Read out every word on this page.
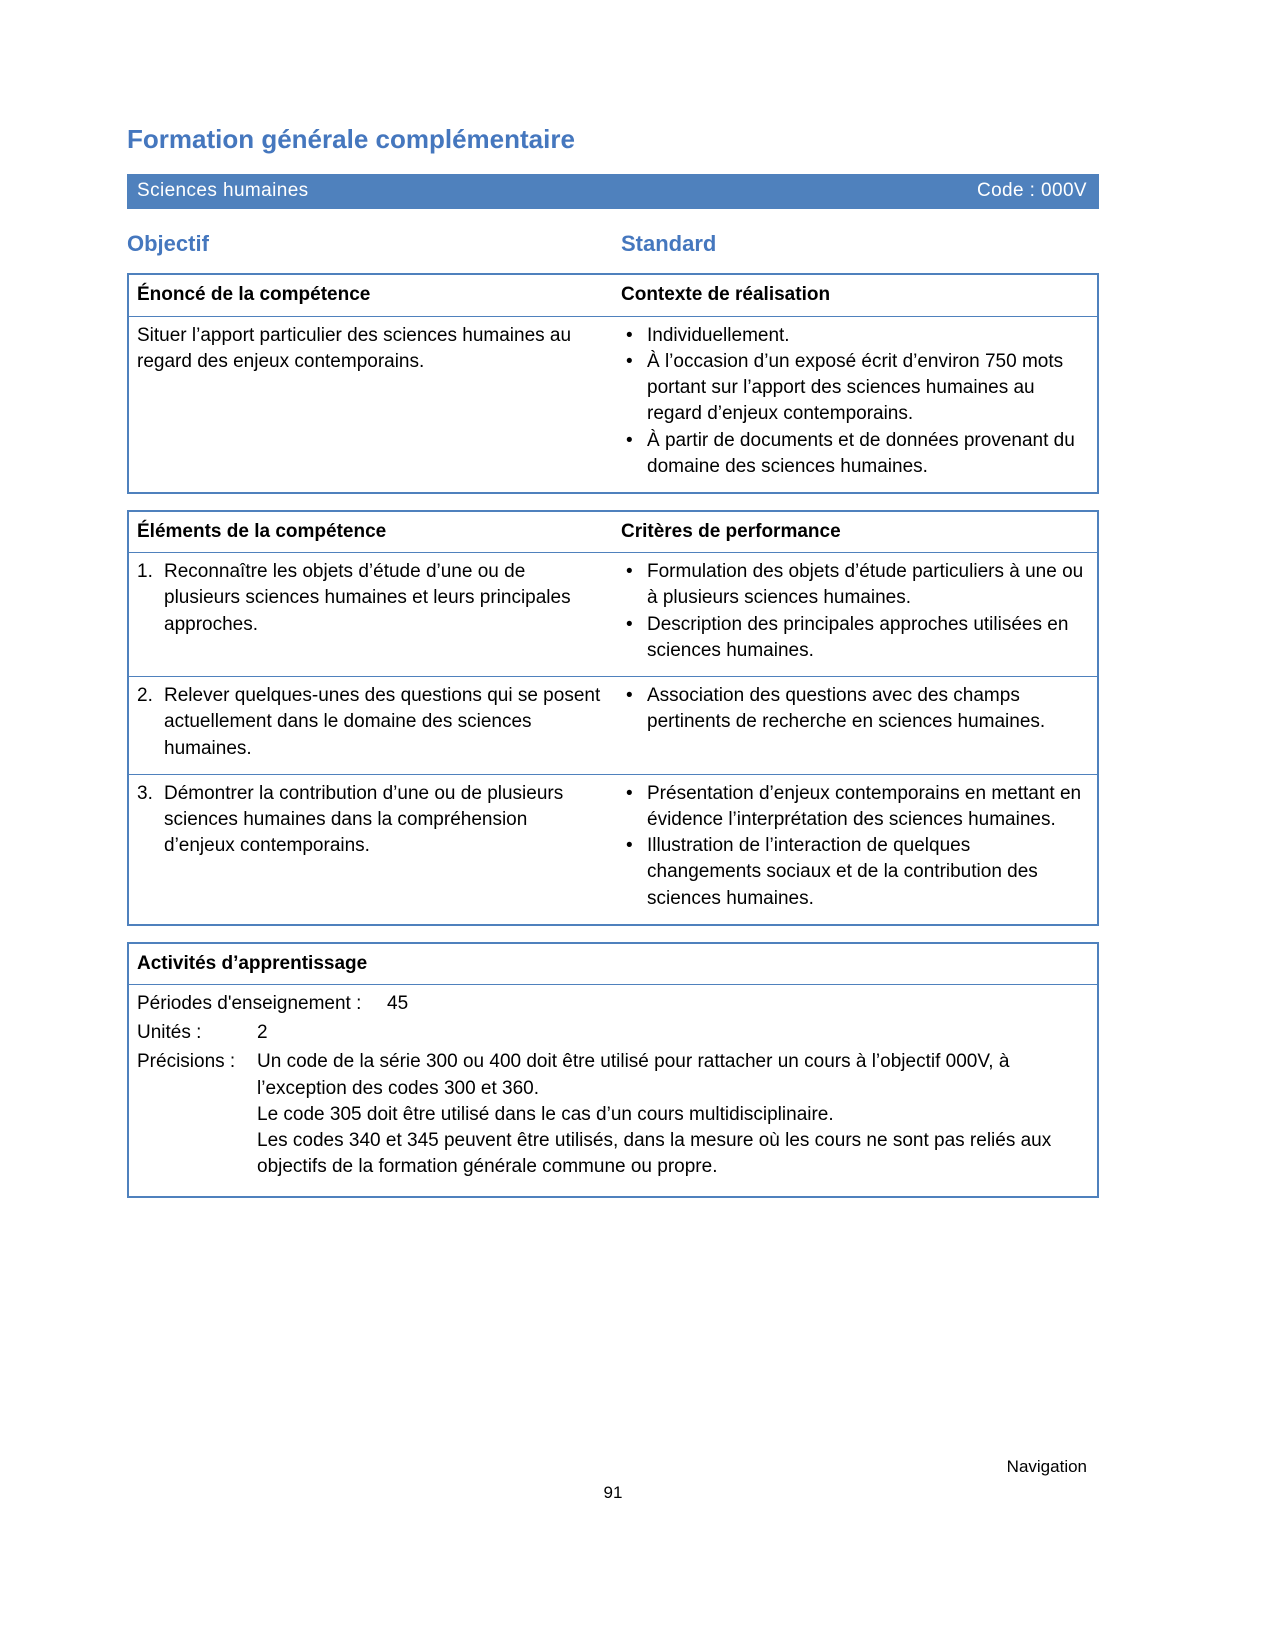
Formation générale complémentaire
Sciences humaines	Code : 000V
Objectif	Standard
Énoncé de la compétence	Contexte de réalisation

Situer l’apport particulier des sciences humaines au regard des enjeux contemporains.

• Individuellement.
• À l’occasion d’un exposé écrit d’environ 750 mots portant sur l’apport des sciences humaines au regard d’enjeux contemporains.
• À partir de documents et de données provenant du domaine des sciences humaines.
Éléments de la compétence	Critères de performance
1. Reconnaître les objets d’étude d’une ou de plusieurs sciences humaines et leurs principales approches.
• Formulation des objets d’étude particuliers à une ou à plusieurs sciences humaines.
• Description des principales approches utilisées en sciences humaines.
2. Relever quelques-unes des questions qui se posent actuellement dans le domaine des sciences humaines.
• Association des questions avec des champs pertinents de recherche en sciences humaines.
3. Démontrer la contribution d’une ou de plusieurs sciences humaines dans la compréhension d’enjeux contemporains.
• Présentation d’enjeux contemporains en mettant en évidence l’interprétation des sciences humaines.
• Illustration de l’interaction de quelques changements sociaux et de la contribution des sciences humaines.
Activités d’apprentissage
Périodes d'enseignement : 45
Unités :	2
Précisions :	Un code de la série 300 ou 400 doit être utilisé pour rattacher un cours à l’objectif 000V, à l’exception des codes 300 et 360.
Le code 305 doit être utilisé dans le cas d’un cours multidisciplinaire.
Les codes 340 et 345 peuvent être utilisés, dans la mesure où les cours ne sont pas reliés aux objectifs de la formation générale commune ou propre.
Navigation
91
